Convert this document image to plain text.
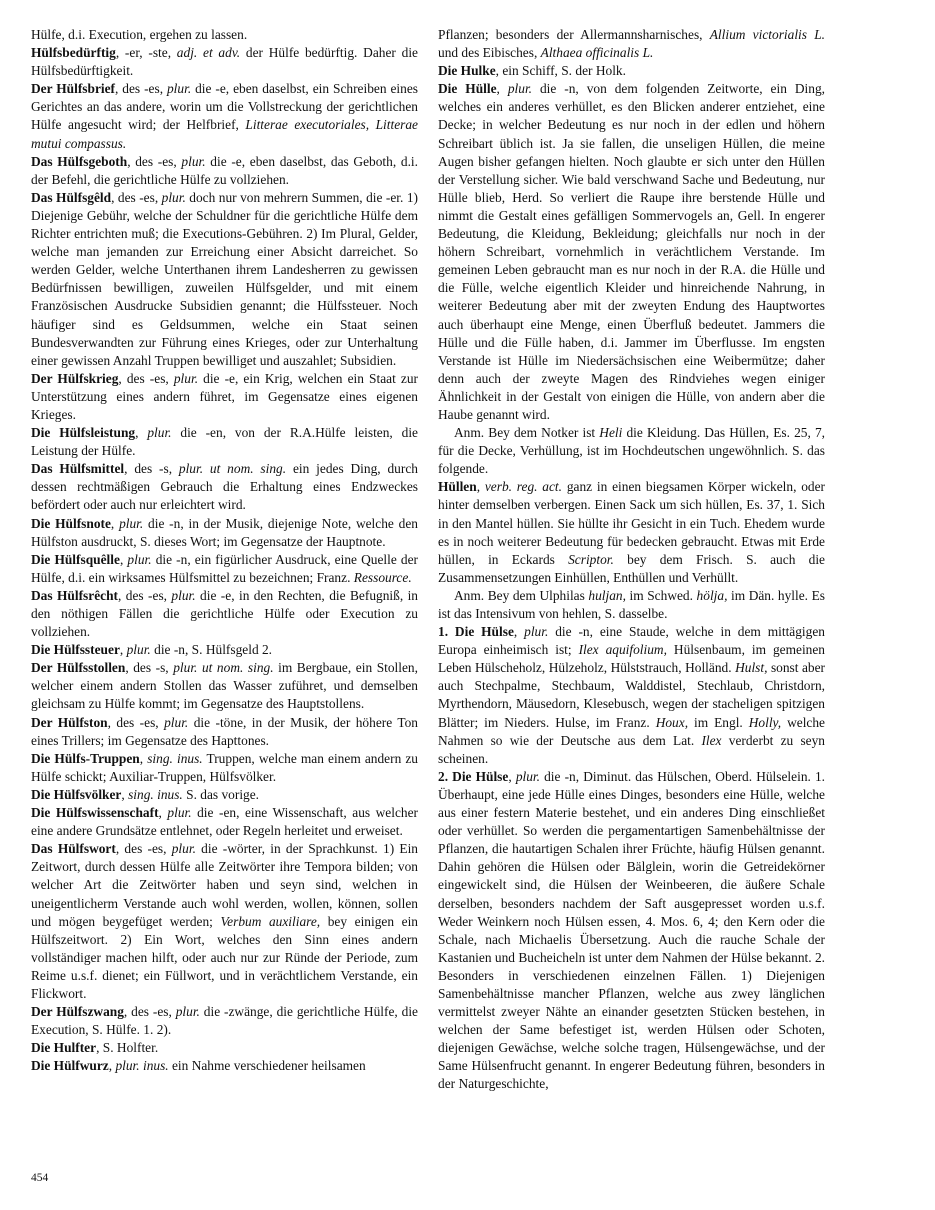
Hülfe, d.i. Execution, ergehen zu lassen.

Hülfsbedürftig, -er, -ste, adj. et adv. der Hülfe bedürftig. Daher die Hülfsbedürftigkeit.

Der Hülfsbrief, des -es, plur. die -e, eben daselbst, ein Schreiben eines Gerichtes an das andere, worin um die Vollstreckung der gerichtlichen Hülfe angesucht wird; der Helfbrief, Litterae executoriales, Litterae mutui compassus.

Das Hülfsgeboth, des -es, plur. die -e, eben daselbst, das Geboth, d.i. der Befehl, die gerichtliche Hülfe zu vollziehen.

Das Hülfsgêld, des -es, plur. doch nur von mehrern Summen, die -er. 1) Diejenige Gebühr, welche der Schuldner für die gerichtliche Hülfe dem Richter entrichten muß; die Executions-Gebühren. 2) Im Plural, Gelder, welche man jemanden zur Erreichung einer Absicht darreichet. So werden Gelder, welche Unterthanen ihrem Landesherren zu gewissen Bedürfnissen bewilligen, zuweilen Hülfsgelder, und mit einem Französischen Ausdrucke Subsidien genannt; die Hülfssteuer. Noch häufiger sind es Geldsummen, welche ein Staat seinen Bundesverwandten zur Führung eines Krieges, oder zur Unterhaltung einer gewissen Anzahl Truppen bewilliget und auszahlet; Subsidien.

Der Hülfskrieg, des -es, plur. die -e, ein Krig, welchen ein Staat zur Unterstützung eines andern führet, im Gegensatze eines eigenen Krieges.

Die Hülfsleistung, plur. die -en, von der R.A.Hülfe leisten, die Leistung der Hülfe.

Das Hülfsmittel, des -s, plur. ut nom. sing. ein jedes Ding, durch dessen rechtmäßigen Gebrauch die Erhaltung eines Endzweckes befördert oder auch nur erleichtert wird.

Die Hülfsnote, plur. die -n, in der Musik, diejenige Note, welche den Hülfston ausdruckt, S. dieses Wort; im Gegensatze der Hauptnote.

Die Hülfsquêlle, plur. die -n, ein figürlicher Ausdruck, eine Quelle der Hülfe, d.i. ein wirksames Hülfsmittel zu bezeichnen; Franz. Ressource.

Das Hülfsrêcht, des -es, plur. die -e, in den Rechten, die Befugniß, in den nöthigen Fällen die gerichtliche Hülfe oder Execution zu vollziehen.

Die Hülfssteuer, plur. die -n, S. Hülfsgeld 2.

Der Hülfsstollen, des -s, plur. ut nom. sing. im Bergbaue, ein Stollen, welcher einem andern Stollen das Wasser zuführet, und demselben gleichsam zu Hülfe kommt; im Gegensatze des Hauptstollens.

Der Hülfston, des -es, plur. die -töne, in der Musik, der höhere Ton eines Trillers; im Gegensatze des Hapttones.

Die Hülfs-Truppen, sing. inus. Truppen, welche man einem andern zu Hülfe schickt; Auxiliar-Truppen, Hülfsvölker.

Die Hülfsvölker, sing. inus. S. das vorige.

Die Hülfswissenschaft, plur. die -en, eine Wissenschaft, aus welcher eine andere Grundsätze entlehnet, oder Regeln herleitet und erweiset.

Das Hülfswort, des -es, plur. die -wörter, in der Sprachkunst. 1) Ein Zeitwort, durch dessen Hülfe alle Zeitwörter ihre Tempora bilden; von welcher Art die Zeitwörter haben und seyn sind, welchen in uneigentlicherm Verstande auch wohl werden, wollen, können, sollen und mögen beygefüget werden; Verbum auxiliare, bey einigen ein Hülfszeitwort. 2) Ein Wort, welches den Sinn eines andern vollständiger machen hilft, oder auch nur zur Ründe der Periode, zum Reime u.s.f. dienet; ein Füllwort, und in verächtlichem Verstande, ein Flickwort.

Der Hülfszwang, des -es, plur. die -zwänge, die gerichtliche Hülfe, die Execution, S. Hülfe. 1. 2).

Die Hulfter, S. Holfter.

Die Hülfwurz, plur. inus. ein Nahme verschiedener heilsamen

Pflanzen; besonders der Allermannsharnisches, Allium victorialis L. und des Eibisches, Althaea officinalis L.

Die Hulke, ein Schiff, S. der Holk.

Die Hülle, plur. die -n, von dem folgenden Zeitworte, ein Ding, welches ein anderes verhüllet, es den Blicken anderer entziehet, eine Decke; in welcher Bedeutung es nur noch in der edlen und höhern Schreibart üblich ist. Ja sie fallen, die unseligen Hüllen, die meine Augen bisher gefangen hielten. Noch glaubte er sich unter den Hüllen der Verstellung sicher. Wie bald verschwand Sache und Bedeutung, nur Hülle blieb, Herd. So verliert die Raupe ihre berstende Hülle und nimmt die Gestalt eines gefälligen Sommervogels an, Gell. In engerer Bedeutung, die Kleidung, Bekleidung; gleichfalls nur noch in der höhern Schreibart, vornehmlich in verächtlichem Verstande. Im gemeinen Leben gebraucht man es nur noch in der R.A. die Hülle und die Fülle, welche eigentlich Kleider und hinreichende Nahrung, in weiterer Bedeutung aber mit der zweyten Endung des Hauptwortes auch überhaupt eine Menge, einen Überfluß bedeutet. Jammers die Hülle und die Fülle haben, d.i. Jammer im Überflusse. Im engsten Verstande ist Hülle im Niedersächsischen eine Weibermütze; daher denn auch der zweyte Magen des Rindviehes wegen einiger Ähnlichkeit in der Gestalt von einigen die Hülle, von andern aber die Haube genannt wird.

Anm. Bey dem Notker ist Heli die Kleidung. Das Hüllen, Es. 25, 7, für die Decke, Verhüllung, ist im Hochdeutschen ungewöhnlich. S. das folgende.

Hüllen, verb. reg. act. ganz in einen biegsamen Körper wickeln, oder hinter demselben verbergen. Einen Sack um sich hüllen, Es. 37, 1. Sich in den Mantel hüllen. Sie hüllte ihr Gesicht in ein Tuch. Ehedem wurde es in noch weiterer Bedeutung für bedecken gebraucht. Etwas mit Erde hüllen, in Eckards Scriptor. bey dem Frisch. S. auch die Zusammensetzungen Einhüllen, Enthüllen und Verhüllt.

Anm. Bey dem Ulphilas huljan, im Schwed. hölja, im Dän. hylle. Es ist das Intensivum von hehlen, S. dasselbe.

1. Die Hülse, plur. die -n, eine Staude, welche in dem mittägigen Europa einheimisch ist; Ilex aquifolium, Hülsenbaum, im gemeinen Leben Hülscheholz, Hülzeholz, Hülststrauch, Holländ. Hulst, sonst aber auch Stechpalme, Stechbaum, Walddistel, Stechlaub, Christdorn, Myrthendorn, Mäusedorn, Klesebusch, wegen der stacheligen spitzigen Blätter; im Nieders. Hulse, im Franz. Houx, im Engl. Holly, welche Nahmen so wie der Deutsche aus dem Lat. Ilex verderbt zu seyn scheinen.

2. Die Hülse, plur. die -n, Diminut. das Hülschen, Oberd. Hülselein. 1. Überhaupt, eine jede Hülle eines Dinges, besonders eine Hülle, welche aus einer festern Materie bestehet, und ein anderes Ding einschließet oder verhüllet. So werden die pergamentartigen Samenbehältnisse der Pflanzen, die hautartigen Schalen ihrer Früchte, häufig Hülsen genannt. Dahin gehören die Hülsen oder Bälglein, worin die Getreidekörner eingewickelt sind, die Hülsen der Weinbeeren, die äußere Schale derselben, besonders nachdem der Saft ausgepresset worden u.s.f. Weder Weinkern noch Hülsen essen, 4. Mos. 6, 4; den Kern oder die Schale, nach Michaelis Übersetzung. Auch die rauche Schale der Kastanien und Bucheicheln ist unter dem Nahmen der Hülse bekannt. 2. Besonders in verschiedenen einzelnen Fällen. 1) Diejenigen Samenbehältnisse mancher Pflanzen, welche aus zwey länglichen vermittelst zweyer Nähte an einander gesetzten Stücken bestehen, in welchen der Same befestiget ist, werden Hülsen oder Schoten, diejenigen Gewächse, welche solche tragen, Hülsengewächse, und der Same Hülsenfrucht genannt. In engerer Bedeutung führen, besonders in der Naturgeschichte,

454
